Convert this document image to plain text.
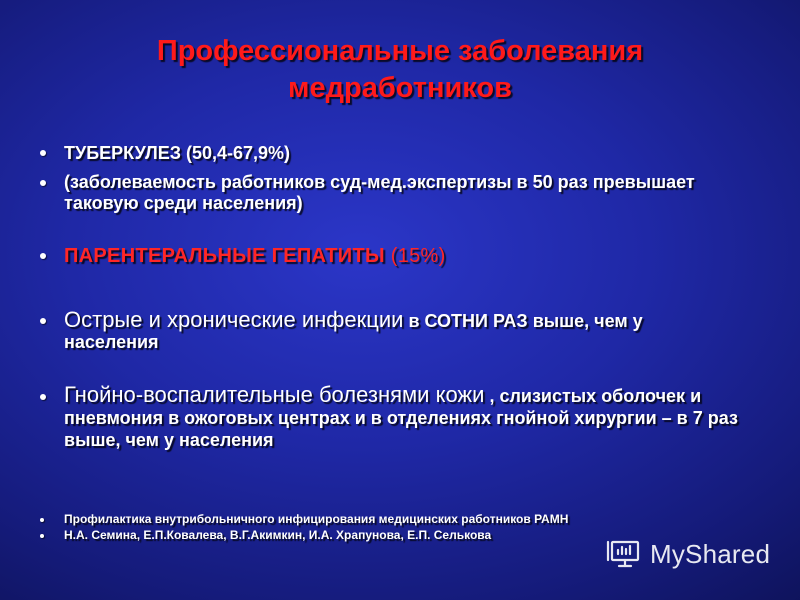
Профессиональные заболевания медработников
ТУБЕРКУЛЕЗ (50,4-67,9%)
(заболеваемость работников суд-мед.экспертизы в 50 раз превышает таковую среди населения)
ПАРЕНТЕРАЛЬНЫЕ ГЕПАТИТЫ (15%)
Острые и хронические инфекции в СОТНИ РАЗ выше, чем у населения
Гнойно-воспалительные болезнями кожи , слизистых оболочек и пневмония в ожоговых центрах и в отделениях гнойной хирургии – в 7 раз выше, чем у населения
Профилактика внутрибольничного инфицирования медицинских работников РАМН
Н.А. Семина, Е.П.Ковалева, В.Г.Акимкин, И.А. Храпунова, Е.П. Селькова
MyShared
